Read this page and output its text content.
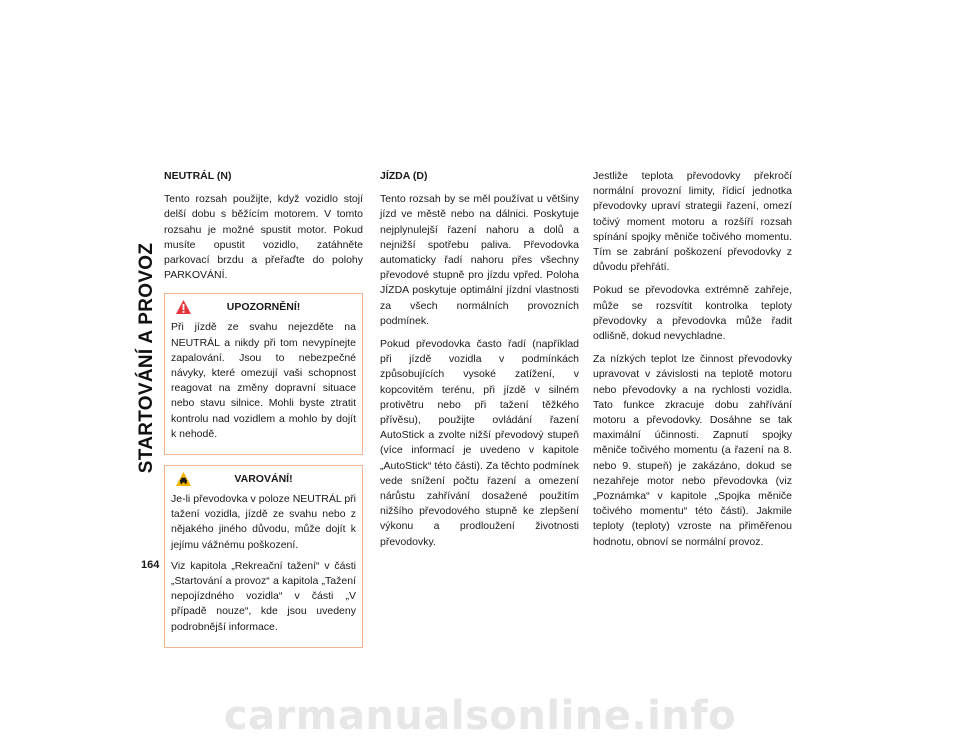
STARTOVÁNÍ A PROVOZ
164
NEUTRÁL (N)

Tento rozsah použijte, když vozidlo stojí delší dobu s běžícím motorem. V tomto rozsahu je možné spustit motor. Pokud musíte opustit vozidlo, zatáhněte parkovací brzdu a přeřaďte do polohy PARKOVÁNÍ.

UPOZORNĚNÍ!

Při jízdě ze svahu nejezděte na NEUTRÁL a nikdy při tom nevypínejte zapalování. Jsou to nebezpečné návyky, které omezují vaši schopnost reagovat na změny dopravní situace nebo stavu silnice. Mohli byste ztratit kontrolu nad vozidlem a mohlo by dojít k nehodě.

VAROVÁNÍ!

Je-li převodovka v poloze NEUTRÁL při tažení vozidla, jízdě ze svahu nebo z nějakého jiného důvodu, může dojít k jejímu vážnému poškození.

Viz kapitola „Rekreační tažení“ v části „Startování a provoz“ a kapitola „Tažení nepojízdného vozidla“ v části „V případě nouze“, kde jsou uvedeny podrobnější informace.

JÍZDA (D)

Tento rozsah by se měl používat u většiny jízd ve městě nebo na dálnici. Poskytuje nejplynulejší řazení nahoru a dolů a nejnižší spotřebu paliva. Převodovka automaticky řadí nahoru přes všechny převodové stupně pro jízdu vpřed. Poloha JÍZDA poskytuje optimální jízdní vlastnosti za všech normálních provozních podmínek.

Pokud převodovka často řadí (například při jízdě vozidla v podmínkách způsobujících vysoké zatížení, v kopcovitém terénu, při jízdě v silném protivětru nebo při tažení těžkého přívěsu), použijte ovládání řazení AutoStick a zvolte nižší převodový stupeň (více informací je uvedeno v kapitole „AutoStick“ této části). Za těchto podmínek vede snížení počtu řazení a omezení nárůstu zahřívání dosažené použitím nižšího převodového stupně ke zlepšení výkonu a prodloužení životnosti převodovky.

Jestliže teplota převodovky překročí normální provozní limity, řídicí jednotka převodovky upraví strategii řazení, omezí točivý moment motoru a rozšíří rozsah spínání spojky měniče točivého momentu. Tím se zabrání poškození převodovky z důvodu přehřátí.

Pokud se převodovka extrémně zahřeje, může se rozsvítit kontrolka teploty převodovky a převodovka může řadit odlišně, dokud nevychladne.

Za nízkých teplot lze činnost převodovky upravovat v závislosti na teplotě motoru nebo převodovky a na rychlosti vozidla. Tato funkce zkracuje dobu zahřívání motoru a převodovky. Dosáhne se tak maximální účinnosti. Zapnutí spojky měniče točivého momentu (a řazení na 8. nebo 9. stupeň) je zakázáno, dokud se nezahřeje motor nebo převodovka (viz „Poznámka“ v kapitole „Spojka měniče točivého momentu“ této části). Jakmile teploty (teploty) vzroste na přiměřenou hodnotu, obnoví se normální provoz.

carmanualsonline.info
